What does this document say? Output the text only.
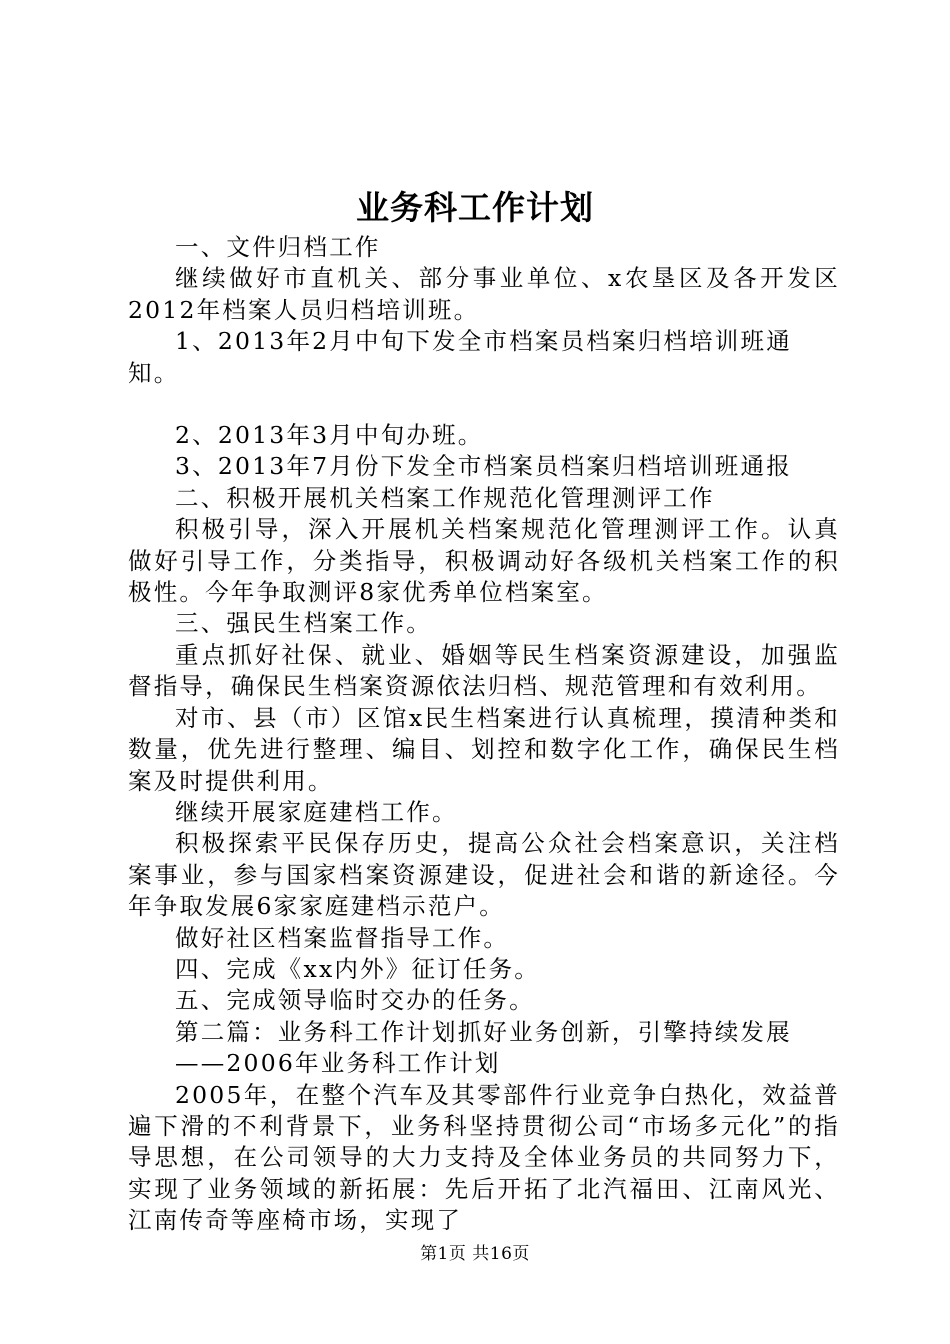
业务科工作计划

一、文件归档工作

继续做好市直机关、部分事业单位、x农垦区及各开发区2012年档案人员归档培训班。

1、2013年2月中旬下发全市档案员档案归档培训班通知。

2、2013年3月中旬办班。

3、2013年7月份下发全市档案员档案归档培训班通报

二、积极开展机关档案工作规范化管理测评工作

积极引导，深入开展机关档案规范化管理测评工作。认真做好引导工作，分类指导，积极调动好各级机关档案工作的积极性。今年争取测评8家优秀单位档案室。

三、强民生档案工作。

重点抓好社保、就业、婚姻等民生档案资源建设，加强监督指导，确保民生档案资源依法归档、规范管理和有效利用。

对市、县（市）区馆x民生档案进行认真梳理，摸清种类和数量，优先进行整理、编目、划控和数字化工作，确保民生档案及时提供利用。

继续开展家庭建档工作。

积极探索平民保存历史，提高公众社会档案意识，关注档案事业，参与国家档案资源建设，促进社会和谐的新途径。今年争取发展6家家庭建档示范户。

做好社区档案监督指导工作。

四、完成《xx内外》征订任务。

五、完成领导临时交办的任务。

第二篇：业务科工作计划抓好业务创新，引擎持续发展

——2006年业务科工作计划

2005年，在整个汽车及其零部件行业竞争白热化，效益普遍下滑的不利背景下，业务科坚持贯彻公司“市场多元化”的指导思想，在公司领导的大力支持及全体业务员的共同努力下，实现了业务领域的新拓展：先后开拓了北汽福田、江南风光、江南传奇等座椅市场，实现了

第1页 共16页
